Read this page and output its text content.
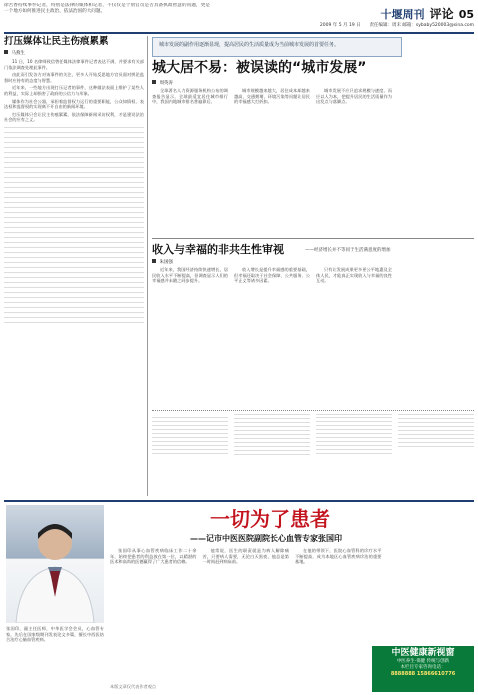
徐苦香持续事件记者，特别是法律的媒体和记者，不仅仅是个别官员是否具备执政智慧的问题，更是一个地方如何推进民主政治、依法治国的大问题。	十堰周刊 评论 05
2009 年 5 月 19 日 责任编辑：周未 邮箱：sybaby520003@sina.com
打压媒体让民主伤痕累累
马燕生

11 日，10 名律师致信曾任媒体法律事件记者表达不满，并要求有关部门依法调查处理此事件。

由此而引发各方对该事件的关注，更多人开始反思地方官员面对舆论监督时应持有的态度与智慧。

近年来，一些地方出现打压记者的事件，这种做法表面上维护了某些人的利益，实际上却损害了政府的公信力与形象。

媒体作为社会公器，承担着监督权力运行的重要职能，公众知情权、表达权和监督权的实现离不开自由的新闻环境。

打压媒体只会让民主伤痕累累，依法保障新闻采访权利，才是建设法治社会的应有之义。

城市发展的副作用逐渐显现，提高居民的生活质量成为当前城市发展的首要任务。
城大居不易：被误读的“城市发展”
周英涛

全球著名人力资源服务机构公布的调查报告显示，全球最适宜居住城市排行中，我国内地城市排名普遍靠后。

城市规模越来越大，居住成本却越来越高，交通拥堵、环境污染等问题让居民的幸福感大打折扣。

城市发展不应只追求规模与速度，而应以人为本，把提升居民的生活质量作为出发点与落脚点。

收入与幸福的非共生性审视	——经济增长并不等同于生活满意度的增加
朱国强

近年来，我国经济持续快速增长，居民收入水平不断提高，但调查显示人们的幸福感并未随之同步提升。

收入增长是提升幸福感的重要基础，但幸福还取决于社会保障、公共服务、公平正义等诸多因素。

只有让发展成果更多更公平地惠及全体人民，才能真正实现收入与幸福的良性互动。

一切为了患者
——记市中医医院副院长心血管专家张国印
张国印，副主任医师，中华医学会会员，心血管专家，先后在国家级期刊发表论文多篇，擅长中西医结合治疗心脑血管疾病。

张国印从事心血管疾病临床工作二十余年，始终把患者的利益放在第一位，以精湛的医术和高尚的医德赢得了广大患者的信赖。

他常说，医生的职责就是为病人解除痛苦，只要病人需要，无论白天黑夜，他总是第一时间赶到病床前。

在他的带领下，医院心血管科的诊疗水平不断提高，成为本地区心血管疾病诊治的重要基地。

中医健康新视窗
中医养生·保健 传统与创新
本栏目专家咨询电话：
8888888 15866610776
本版文章仅代表作者观点
